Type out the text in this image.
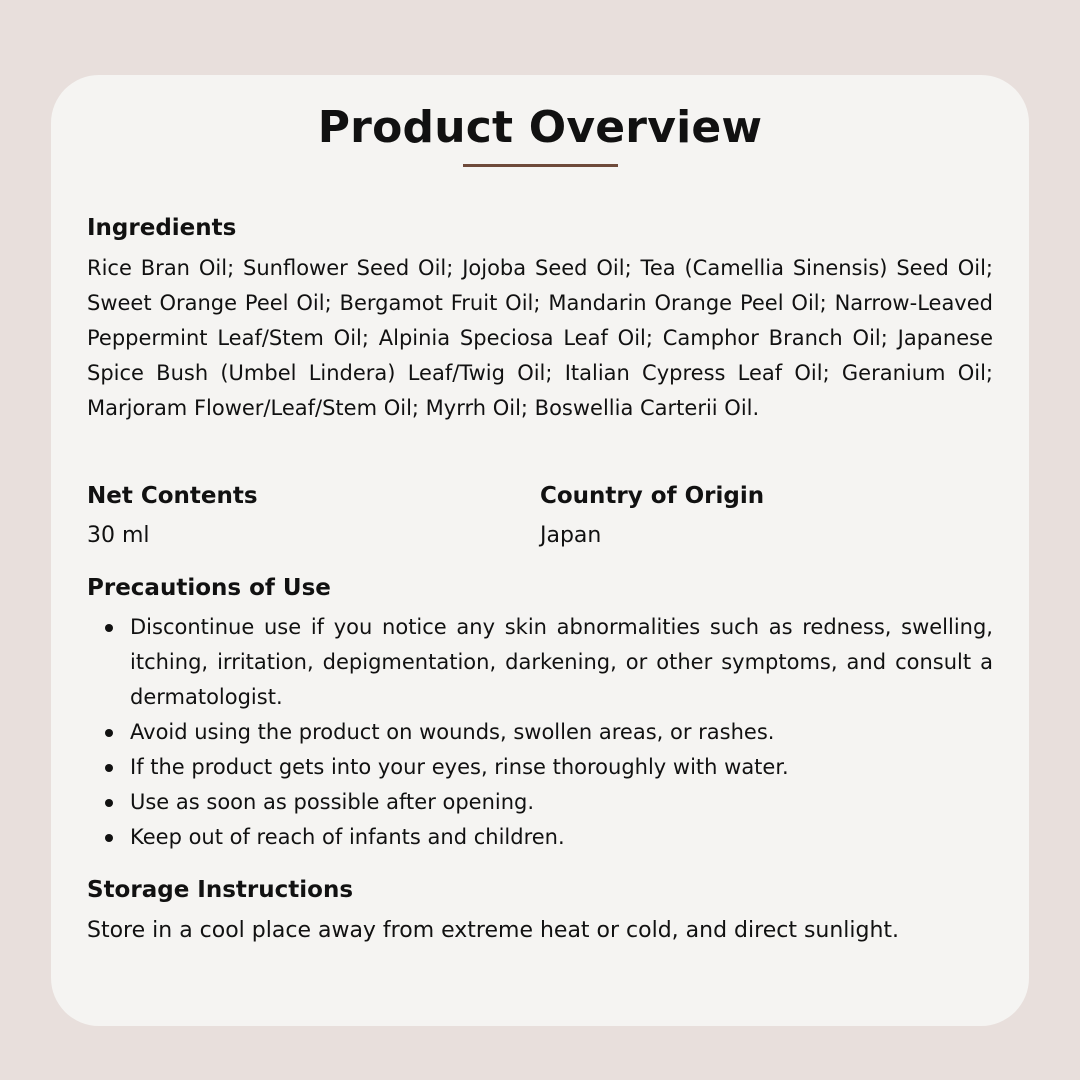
Product Overview
Ingredients

Rice Bran Oil; Sunflower Seed Oil; Jojoba Seed Oil; Tea (Camellia Sinensis) Seed Oil; Sweet Orange Peel Oil; Bergamot Fruit Oil; Mandarin Orange Peel Oil; Narrow-Leaved Peppermint Leaf/Stem Oil; Alpinia Speciosa Leaf Oil; Camphor Branch Oil; Japanese Spice Bush (Umbel Lindera) Leaf/Twig Oil; Italian Cypress Leaf Oil; Geranium Oil; Marjoram Flower/Leaf/Stem Oil; Myrrh Oil; Boswellia Carterii Oil.

Net Contents

30 ml

Country of Origin

Japan

Precautions of Use
Discontinue use if you notice any skin abnormalities such as redness, swelling, itching, irritation, depigmentation, darkening, or other symptoms, and consult a dermatologist.
Avoid using the product on wounds, swollen areas, or rashes.
If the product gets into your eyes, rinse thoroughly with water.
Use as soon as possible after opening.
Keep out of reach of infants and children.
Storage Instructions

Store in a cool place away from extreme heat or cold, and direct sunlight.
